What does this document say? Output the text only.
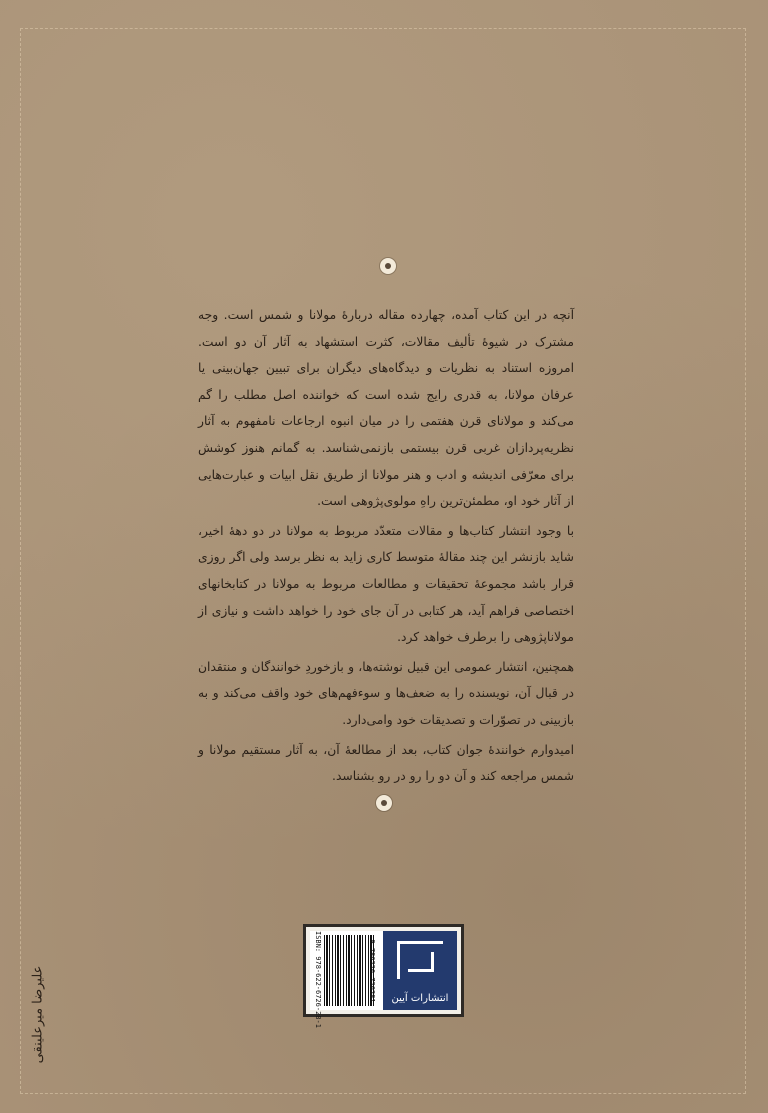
آنچه در این کتاب آمده، چهارده مقاله دربارهٔ مولانا و شمس است. وجه مشترک در شیوهٔ تألیف مقالات، کثرت استشهاد به آثار آن دو است. امروزه استناد به نظریات و دیدگاه‌های دیگران برای تبیین جهان‌بینی یا عرفان مولانا، به قدری رایج شده است که خواننده اصل مطلب را گم می‌کند و مولانای قرن هفتمی را در میان انبوه ارجاعات نامفهوم به آثار نظریه‌پردازان غربی قرن بیستمی بازنمی‌شناسد. به گمانم هنوز کوشش برای معرّفی اندیشه و ادب و هنر مولانا از طریق نقل ابیات و عبارت‌هایی از آثار خود او، مطمئن‌ترین راهِ مولوی‌پژوهی است.

با وجود انتشار کتاب‌ها و مقالات متعدّد مربوط به مولانا در دو دههٔ اخیر، شاید بازنشر این چند مقالهٔ متوسط کاری زاید به نظر برسد ولی اگر روزی قرار باشد مجموعهٔ تحقیقات و مطالعات مربوط به مولانا در کتابخانهای اختصاصی فراهم آید، هر کتابی در آن جای خود را خواهد داشت و نیازی از مولاناپژوهی را برطرف خواهد کرد.

همچنین، انتشار عمومی این قبیل نوشته‌ها، و بازخوردِ خوانندگان و منتقدان در قبال آن، نویسنده را به ضعف‌ها و سوءفهم‌های خود واقف می‌کند و به بازبینی در تصوّرات و تصدیقات خود وامی‌دارد.

امیدوارم خوانندهٔ جوان کتاب، بعد از مطالعهٔ آن، به آثار مستقیم مولانا و شمس مراجعه کند و آن دو را رو در رو بشناسد.

ISBN: 978-622-6726-28-1	9 786226 726281	انتشارات آیین
علیرضا میرعلینقی
